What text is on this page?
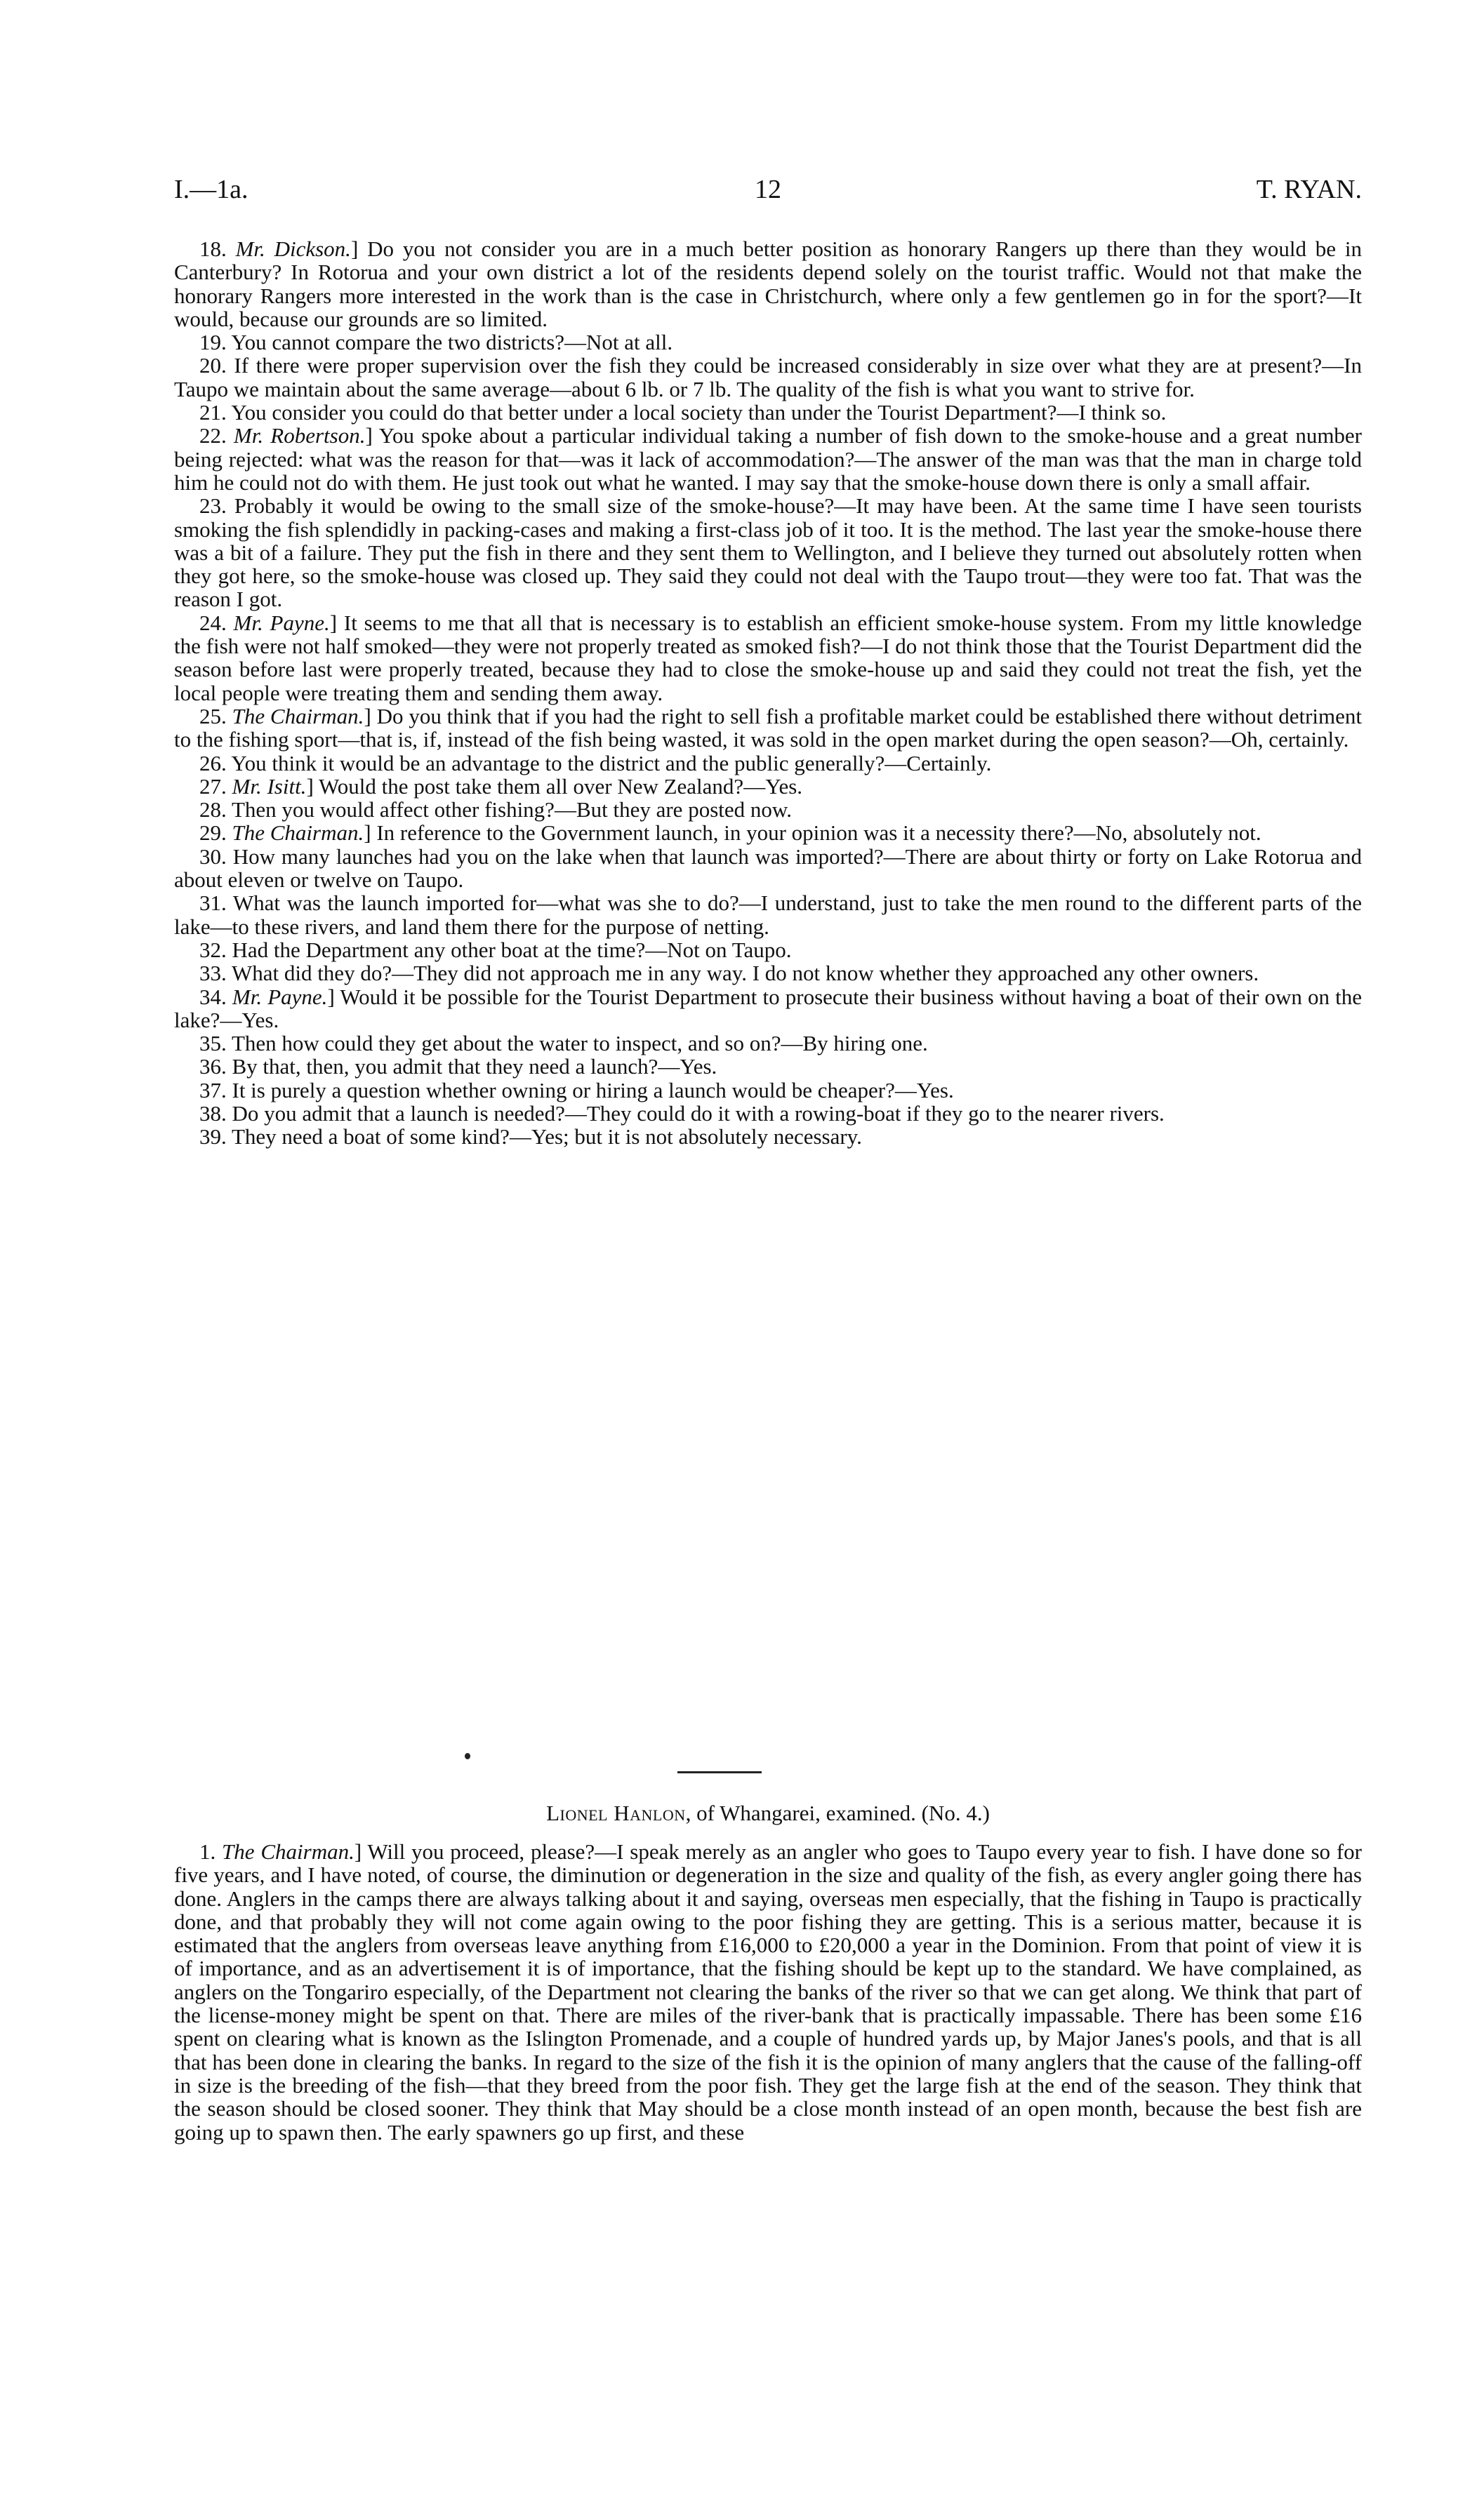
I.—1a.	12	T. RYAN.

18. Mr. Dickson.] Do you not consider you are in a much better position as honorary Rangers up there than they would be in Canterbury? In Rotorua and your own district a lot of the residents depend solely on the tourist traffic. Would not that make the honorary Rangers more interested in the work than is the case in Christchurch, where only a few gentlemen go in for the sport?—It would, because our grounds are so limited.

19. You cannot compare the two districts?—Not at all.

20. If there were proper supervision over the fish they could be increased considerably in size over what they are at present?—In Taupo we maintain about the same average—about 6 lb. or 7 lb. The quality of the fish is what you want to strive for.

21. You consider you could do that better under a local society than under the Tourist Department?—I think so.

22. Mr. Robertson.] You spoke about a particular individual taking a number of fish down to the smoke-house and a great number being rejected: what was the reason for that—was it lack of accommodation?—The answer of the man was that the man in charge told him he could not do with them. He just took out what he wanted. I may say that the smoke-house down there is only a small affair.

23. Probably it would be owing to the small size of the smoke-house?—It may have been. At the same time I have seen tourists smoking the fish splendidly in packing-cases and making a first-class job of it too. It is the method. The last year the smoke-house there was a bit of a failure. They put the fish in there and they sent them to Wellington, and I believe they turned out absolutely rotten when they got here, so the smoke-house was closed up. They said they could not deal with the Taupo trout—they were too fat. That was the reason I got.

24. Mr. Payne.] It seems to me that all that is necessary is to establish an efficient smoke-house system. From my little knowledge the fish were not half smoked—they were not properly treated as smoked fish?—I do not think those that the Tourist Department did the season before last were properly treated, because they had to close the smoke-house up and said they could not treat the fish, yet the local people were treating them and sending them away.

25. The Chairman.] Do you think that if you had the right to sell fish a profitable market could be established there without detriment to the fishing sport—that is, if, instead of the fish being wasted, it was sold in the open market during the open season?—Oh, certainly.

26. You think it would be an advantage to the district and the public generally?—Certainly.

27. Mr. Isitt.] Would the post take them all over New Zealand?—Yes.

28. Then you would affect other fishing?—But they are posted now.

29. The Chairman.] In reference to the Government launch, in your opinion was it a necessity there?—No, absolutely not.

30. How many launches had you on the lake when that launch was imported?—There are about thirty or forty on Lake Rotorua and about eleven or twelve on Taupo.

31. What was the launch imported for—what was she to do?—I understand, just to take the men round to the different parts of the lake—to these rivers, and land them there for the purpose of netting.

32. Had the Department any other boat at the time?—Not on Taupo.

33. What did they do?—They did not approach me in any way. I do not know whether they approached any other owners.

34. Mr. Payne.] Would it be possible for the Tourist Department to prosecute their business without having a boat of their own on the lake?—Yes.

35. Then how could they get about the water to inspect, and so on?—By hiring one.

36. By that, then, you admit that they need a launch?—Yes.

37. It is purely a question whether owning or hiring a launch would be cheaper?—Yes.

38. Do you admit that a launch is needed?—They could do it with a rowing-boat if they go to the nearer rivers.

39. They need a boat of some kind?—Yes; but it is not absolutely necessary.

Lionel Hanlon, of Whangarei, examined. (No. 4.)

1. The Chairman.] Will you proceed, please?—I speak merely as an angler who goes to Taupo every year to fish. I have done so for five years, and I have noted, of course, the diminution or degeneration in the size and quality of the fish, as every angler going there has done. Anglers in the camps there are always talking about it and saying, overseas men especially, that the fishing in Taupo is practically done, and that probably they will not come again owing to the poor fishing they are getting. This is a serious matter, because it is estimated that the anglers from overseas leave anything from £16,000 to £20,000 a year in the Dominion. From that point of view it is of importance, and as an advertisement it is of importance, that the fishing should be kept up to the standard. We have complained, as anglers on the Tongariro especially, of the Department not clearing the banks of the river so that we can get along. We think that part of the license-money might be spent on that. There are miles of the river-bank that is practically impassable. There has been some £16 spent on clearing what is known as the Islington Promenade, and a couple of hundred yards up, by Major Janes's pools, and that is all that has been done in clearing the banks. In regard to the size of the fish it is the opinion of many anglers that the cause of the falling-off in size is the breeding of the fish—that they breed from the poor fish. They get the large fish at the end of the season. They think that the season should be closed sooner. They think that May should be a close month instead of an open month, because the best fish are going up to spawn then. The early spawners go up first, and these
